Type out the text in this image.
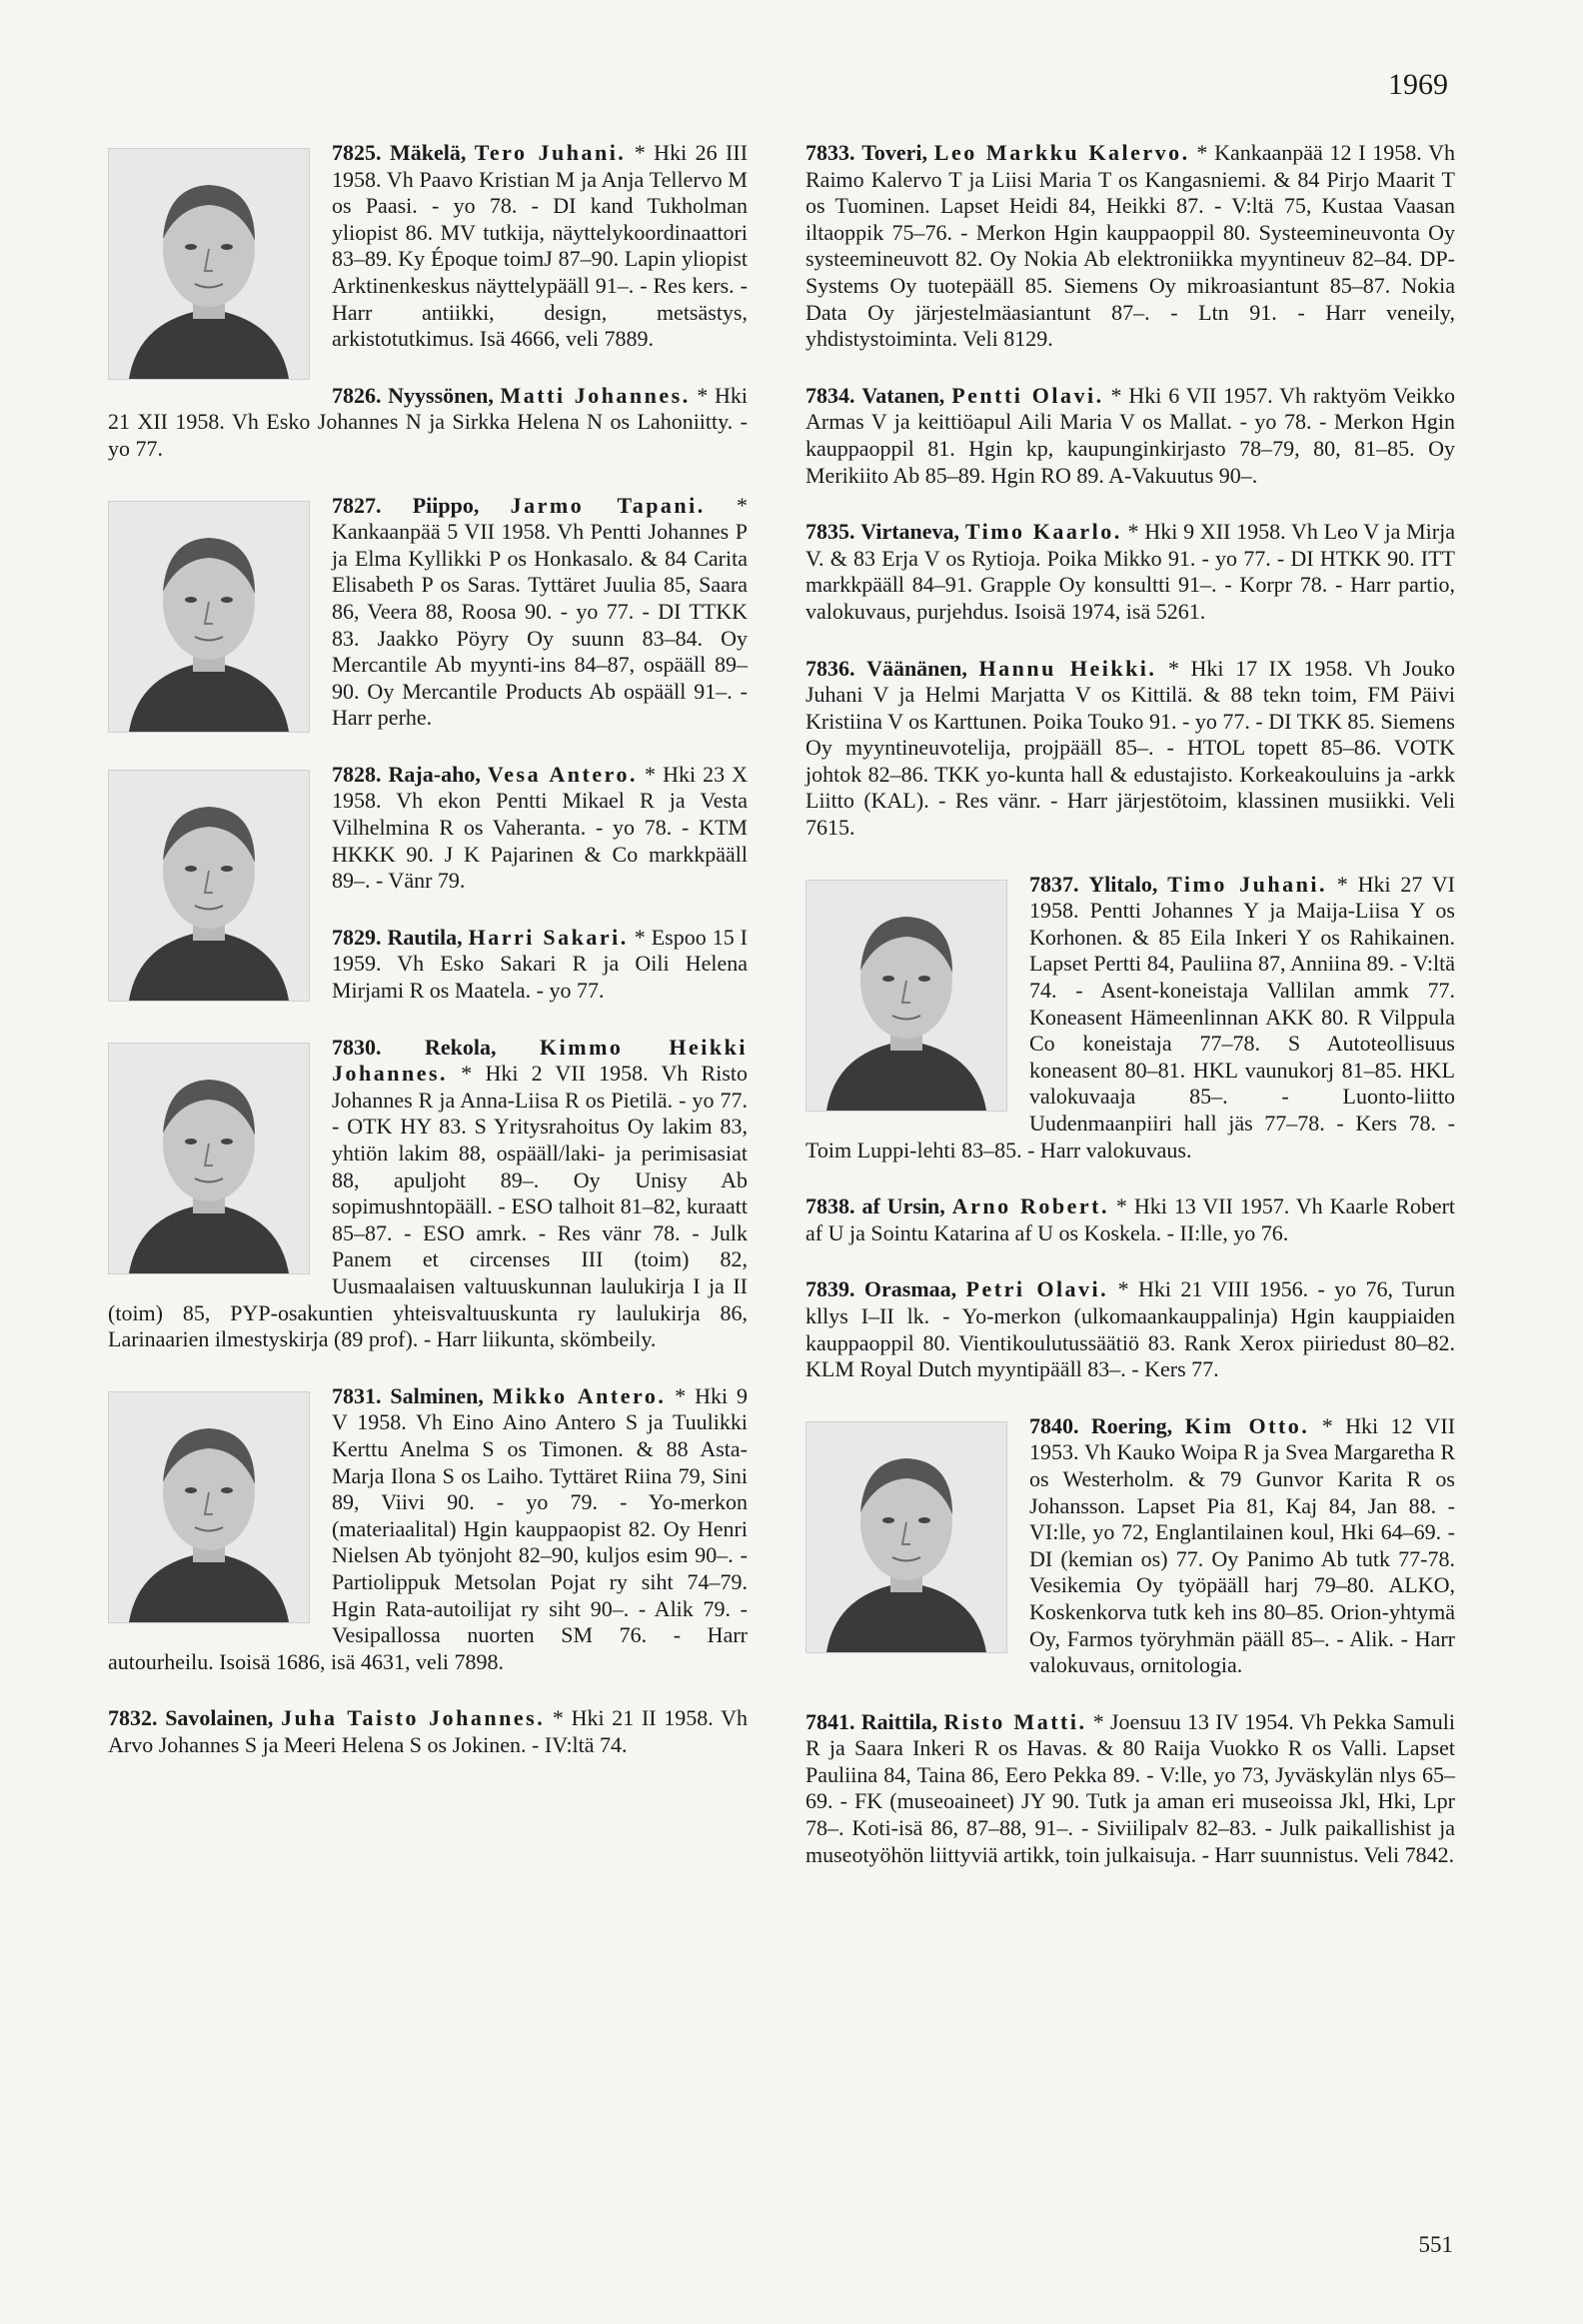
1969

7825. Mäkelä, Tero Juhani. * Hki 26 III 1958. Vh Paavo Kristian M ja Anja Tellervo M os Paasi. - yo 78. - DI kand Tukholman yliopist 86. MV tutkija, näyttelykoordinaattori 83–89. Ky Époque toimJ 87–90. Lapin yliopist Arktinenkeskus näyttelypääll 91–. - Res kers. - Harr antiikki, design, metsästys, arkistotutkimus. Isä 4666, veli 7889.

7826. Nyyssönen, Matti Johannes. * Hki 21 XII 1958. Vh Esko Johannes N ja Sirkka Helena N os Lahoniitty. - yo 77.

7827. Piippo, Jarmo Tapani. * Kankaanpää 5 VII 1958. Vh Pentti Johannes P ja Elma Kyllikki P os Honkasalo. & 84 Carita Elisabeth P os Saras. Tyttäret Juulia 85, Saara 86, Veera 88, Roosa 90. - yo 77. - DI TTKK 83. Jaakko Pöyry Oy suunn 83–84. Oy Mercantile Ab myynti-ins 84–87, ospääll 89–90. Oy Mercantile Products Ab ospääll 91–. - Harr perhe.

7828. Raja-aho, Vesa Antero. * Hki 23 X 1958. Vh ekon Pentti Mikael R ja Vesta Vilhelmina R os Vaheranta. - yo 78. - KTM HKKK 90. J K Pajarinen & Co markkpääll 89–. - Vänr 79.

7829. Rautila, Harri Sakari. * Espoo 15 I 1959. Vh Esko Sakari R ja Oili Helena Mirjami R os Maatela. - yo 77.

7830. Rekola, Kimmo Heikki Johannes. * Hki 2 VII 1958. Vh Risto Johannes R ja Anna-Liisa R os Pietilä. - yo 77. - OTK HY 83. S Yritysrahoitus Oy lakim 83, yhtiön lakim 88, ospääll/laki- ja perimisasiat 88, apuljoht 89–. Oy Unisy Ab sopimushntopääll. - ESO talhoit 81–82, kuraatt 85–87. - ESO amrk. - Res vänr 78. - Julk Panem et circenses III (toim) 82, Uusmaalaisen valtuuskunnan laulukirja I ja II (toim) 85, PYP-osakuntien yhteisvaltuuskunta ry laulukirja 86, Larinaarien ilmestyskirja (89 prof). - Harr liikunta, skömbeily.

7831. Salminen, Mikko Antero. * Hki 9 V 1958. Vh Eino Aino Antero S ja Tuulikki Kerttu Anelma S os Timonen. & 88 Asta-Marja Ilona S os Laiho. Tyttäret Riina 79, Sini 89, Viivi 90. - yo 79. - Yo-merkon (materiaalital) Hgin kauppaopist 82. Oy Henri Nielsen Ab työnjoht 82–90, kuljos esim 90–. - Partiolippuk Metsolan Pojat ry siht 74–79. Hgin Rata-autoilijat ry siht 90–. - Alik 79. - Vesipallossa nuorten SM 76. - Harr autourheilu. Isoisä 1686, isä 4631, veli 7898.

7832. Savolainen, Juha Taisto Johannes. * Hki 21 II 1958. Vh Arvo Johannes S ja Meeri Helena S os Jokinen. - IV:ltä 74.

7833. Toveri, Leo Markku Kalervo. * Kankaanpää 12 I 1958. Vh Raimo Kalervo T ja Liisi Maria T os Kangasniemi. & 84 Pirjo Maarit T os Tuominen. Lapset Heidi 84, Heikki 87. - V:ltä 75, Kustaa Vaasan iltaoppik 75–76. - Merkon Hgin kauppaoppil 80. Systeemineuvonta Oy systeemineuvott 82. Oy Nokia Ab elektroniikka myyntineuv 82–84. DP-Systems Oy tuotepääll 85. Siemens Oy mikroasiantunt 85–87. Nokia Data Oy järjestelmäasiantunt 87–. - Ltn 91. - Harr veneily, yhdistystoiminta. Veli 8129.

7834. Vatanen, Pentti Olavi. * Hki 6 VII 1957. Vh raktyöm Veikko Armas V ja keittiöapul Aili Maria V os Mallat. - yo 78. - Merkon Hgin kauppaoppil 81. Hgin kp, kaupunginkirjasto 78–79, 80, 81–85. Oy Merikiito Ab 85–89. Hgin RO 89. A-Vakuutus 90–.

7835. Virtaneva, Timo Kaarlo. * Hki 9 XII 1958. Vh Leo V ja Mirja V. & 83 Erja V os Rytioja. Poika Mikko 91. - yo 77. - DI HTKK 90. ITT markkpääll 84–91. Grapple Oy konsultti 91–. - Korpr 78. - Harr partio, valokuvaus, purjehdus. Isoisä 1974, isä 5261.

7836. Väänänen, Hannu Heikki. * Hki 17 IX 1958. Vh Jouko Juhani V ja Helmi Marjatta V os Kittilä. & 88 tekn toim, FM Päivi Kristiina V os Karttunen. Poika Touko 91. - yo 77. - DI TKK 85. Siemens Oy myyntineuvotelija, projpääll 85–. - HTOL topett 85–86. VOTK johtok 82–86. TKK yo-kunta hall & edustajisto. Korkeakouluins ja -arkk Liitto (KAL). - Res vänr. - Harr järjestötoim, klassinen musiikki. Veli 7615.

7837. Ylitalo, Timo Juhani. * Hki 27 VI 1958. Pentti Johannes Y ja Maija-Liisa Y os Korhonen. & 85 Eila Inkeri Y os Rahikainen. Lapset Pertti 84, Pauliina 87, Anniina 89. - V:ltä 74. - Asent-koneistaja Vallilan ammk 77. Koneasent Hämeenlinnan AKK 80. R Vilppula Co koneistaja 77–78. S Autoteollisuus koneasent 80–81. HKL vaunukorj 81–85. HKL valokuvaaja 85–. - Luonto-liitto Uudenmaanpiiri hall jäs 77–78. - Kers 78. - Toim Luppi-lehti 83–85. - Harr valokuvaus.

7838. af Ursin, Arno Robert. * Hki 13 VII 1957. Vh Kaarle Robert af U ja Sointu Katarina af U os Koskela. - II:lle, yo 76.

7839. Orasmaa, Petri Olavi. * Hki 21 VIII 1956. - yo 76, Turun kllys I–II lk. - Yo-merkon (ulkomaankauppalinja) Hgin kauppiaiden kauppaoppil 80. Vientikoulutussäätiö 83. Rank Xerox piiriedust 80–82. KLM Royal Dutch myyntipääll 83–. - Kers 77.

7840. Roering, Kim Otto. * Hki 12 VII 1953. Vh Kauko Woipa R ja Svea Margaretha R os Westerholm. & 79 Gunvor Karita R os Johansson. Lapset Pia 81, Kaj 84, Jan 88. - VI:lle, yo 72, Englantilainen koul, Hki 64–69. - DI (kemian os) 77. Oy Panimo Ab tutk 77-78. Vesikemia Oy työpääll harj 79–80. ALKO, Koskenkorva tutk keh ins 80–85. Orion-yhtymä Oy, Farmos työryhmän pääll 85–. - Alik. - Harr valokuvaus, ornitologia.

7841. Raittila, Risto Matti. * Joensuu 13 IV 1954. Vh Pekka Samuli R ja Saara Inkeri R os Havas. & 80 Raija Vuokko R os Valli. Lapset Pauliina 84, Taina 86, Eero Pekka 89. - V:lle, yo 73, Jyväskylän nlys 65–69. - FK (museoaineet) JY 90. Tutk ja aman eri museoissa Jkl, Hki, Lpr 78–. Koti-isä 86, 87–88, 91–. - Siviilipalv 82–83. - Julk paikallishist ja museotyöhön liittyviä artikk, toin julkaisuja. - Harr suunnistus. Veli 7842.

551
